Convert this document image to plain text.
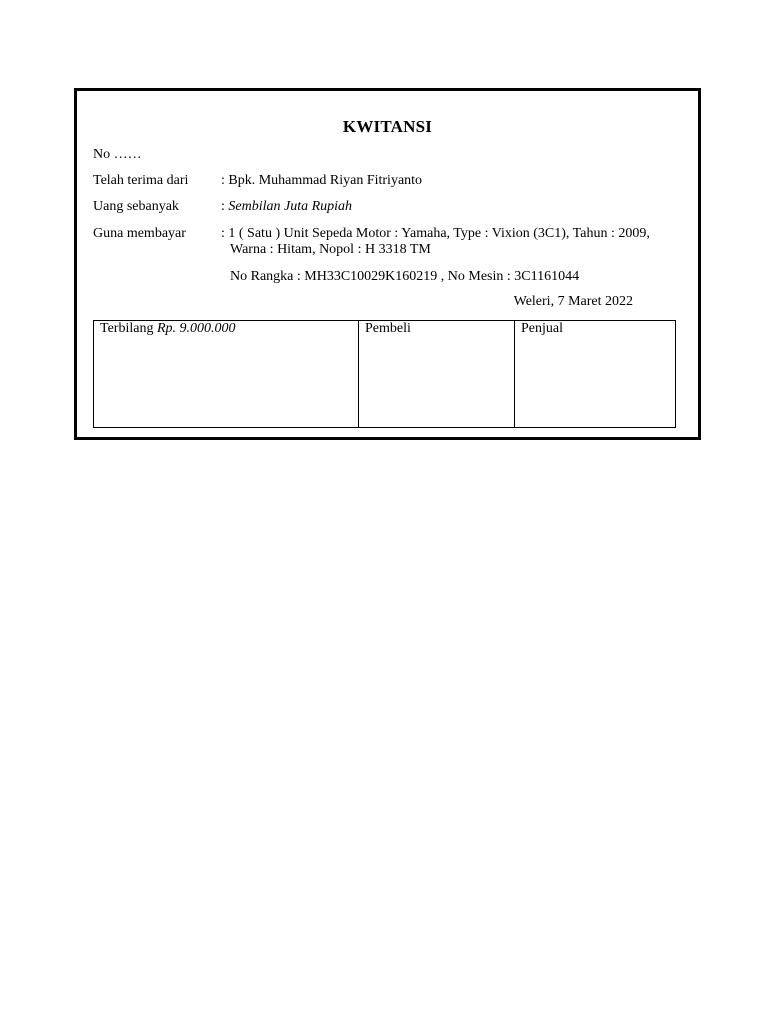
KWITANSI
No ……
Telah terima dari : Bpk. Muhammad Riyan Fitriyanto
Uang sebanyak	: Sembilan Juta Rupiah
Guna membayar	: 1 ( Satu ) Unit Sepeda Motor : Yamaha, Type : Vixion (3C1), Tahun : 2009,
Warna : Hitam, Nopol : H 3318 TM
No Rangka : MH33C10029K160219 , No Mesin : 3C1161044
Weleri, 7 Maret 2022
Terbilang Rp. 9.000.000	Pembeli	Penjual
